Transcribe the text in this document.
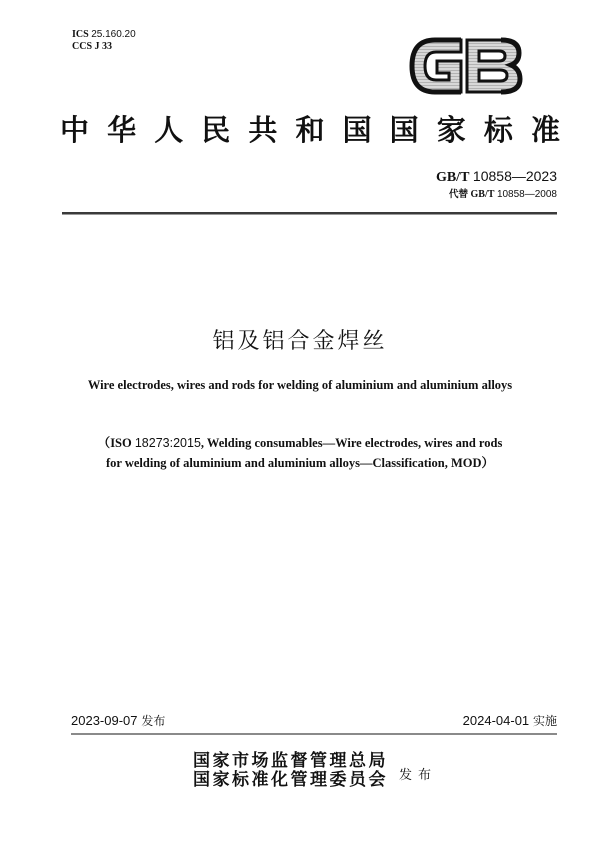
ICS 25.160.20
CCS J 33
中 华 人 民 共 和 国 国 家 标 准
GB/T 10858—2023
代替 GB/T 10858—2008
铝及铝合金焊丝
Wire electrodes, wires and rods for welding of aluminium and aluminium alloys
（ISO 18273:2015, Welding consumables—Wire electrodes, wires and rods
for welding of aluminium and aluminium alloys—Classification, MOD）
2023-09-07 发布	2024-04-01 实施
国家市场监督管理总局
国家标准化管理委员会 发布
